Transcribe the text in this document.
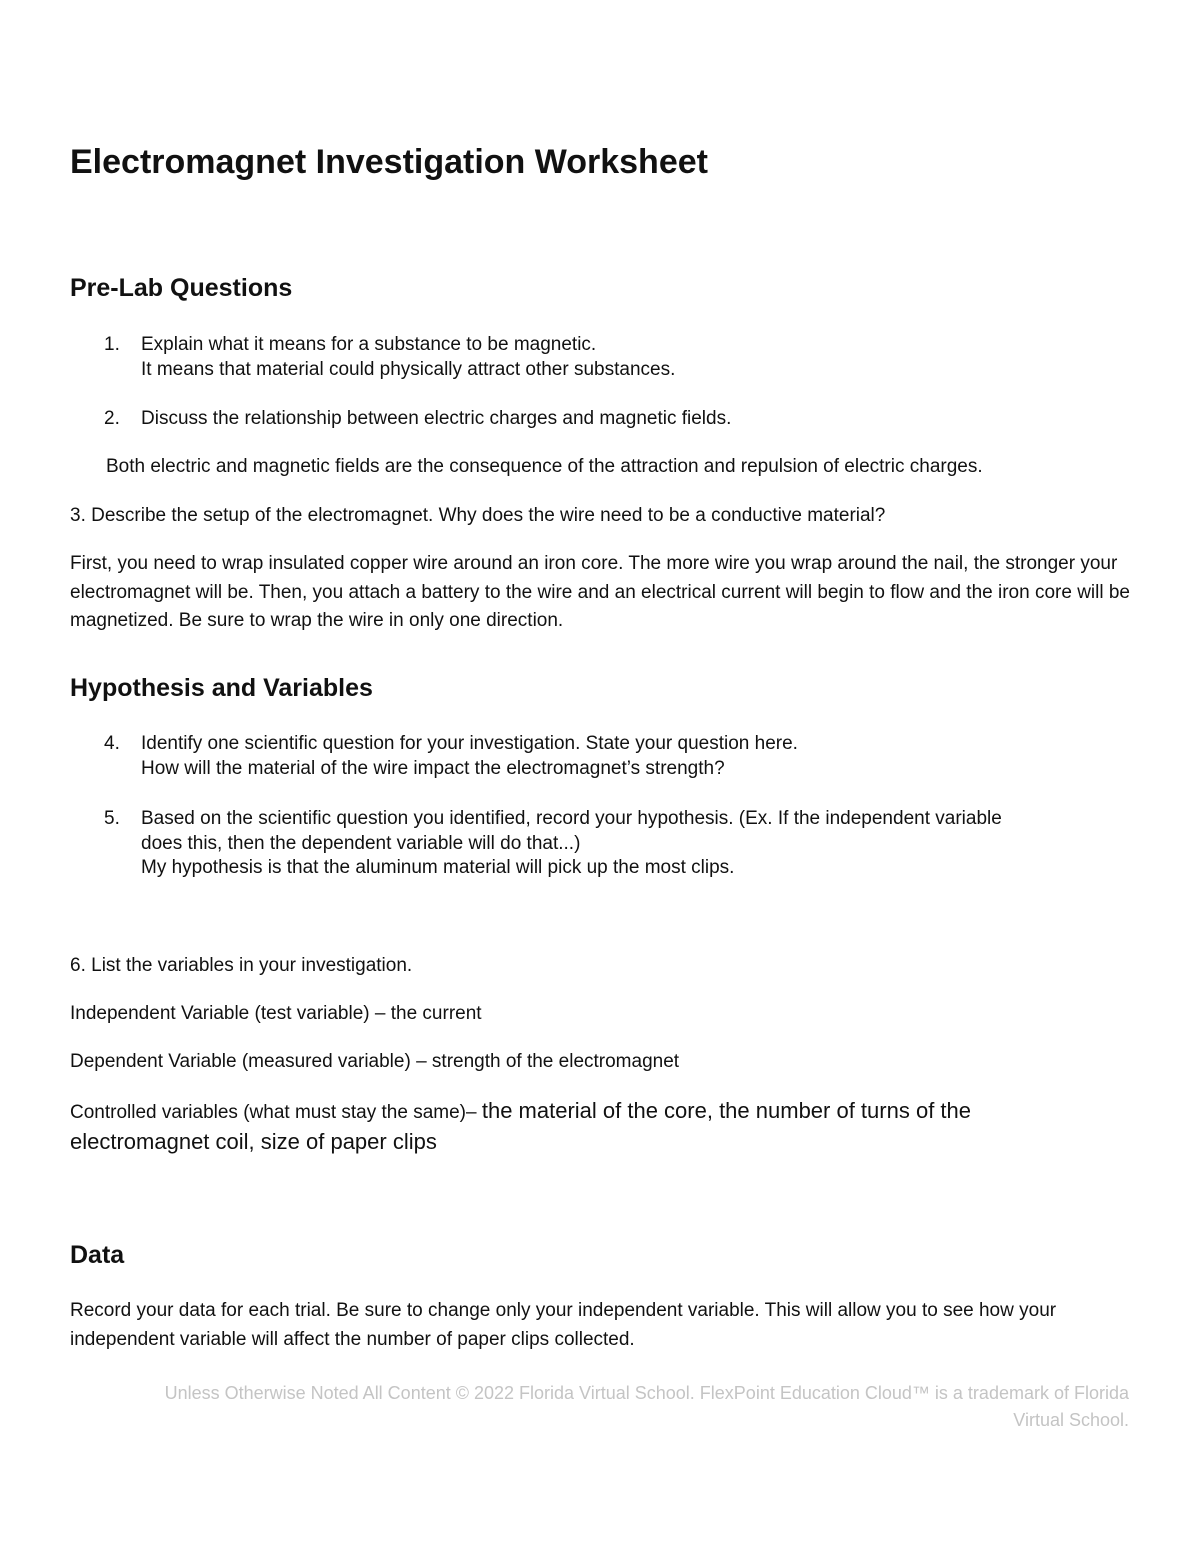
Electromagnet Investigation Worksheet
Pre-Lab Questions
1. Explain what it means for a substance to be magnetic.
It means that material could physically attract other substances.
2. Discuss the relationship between electric charges and magnetic fields.
Both electric and magnetic fields are the consequence of the attraction and repulsion of electric charges.
3. Describe the setup of the electromagnet. Why does the wire need to be a conductive material?

First, you need to wrap insulated copper wire around an iron core. The more wire you wrap around the nail, the stronger your electromagnet will be. Then, you attach a battery to the wire and an electrical current will begin to flow and the iron core will be magnetized. Be sure to wrap the wire in only one direction.

Hypothesis and Variables
4. Identify one scientific question for your investigation. State your question here.
How will the material of the wire impact the electromagnet’s strength?
5. Based on the scientific question you identified, record your hypothesis. (Ex. If the independent variable
does this, then the dependent variable will do that...)
My hypothesis is that the aluminum material will pick up the most clips.
6. List the variables in your investigation.
Independent Variable (test variable) – the current
Dependent Variable (measured variable) – strength of the electromagnet
Controlled variables (what must stay the same)– the material of the core, the number of turns of the
electromagnet coil, size of paper clips
Data

Record your data for each trial. Be sure to change only your independent variable. This will allow you to see how your independent variable will affect the number of paper clips collected.

Unless Otherwise Noted All Content © 2022 Florida Virtual School. FlexPoint Education Cloud™ is a trademark of Florida
Virtual School.
